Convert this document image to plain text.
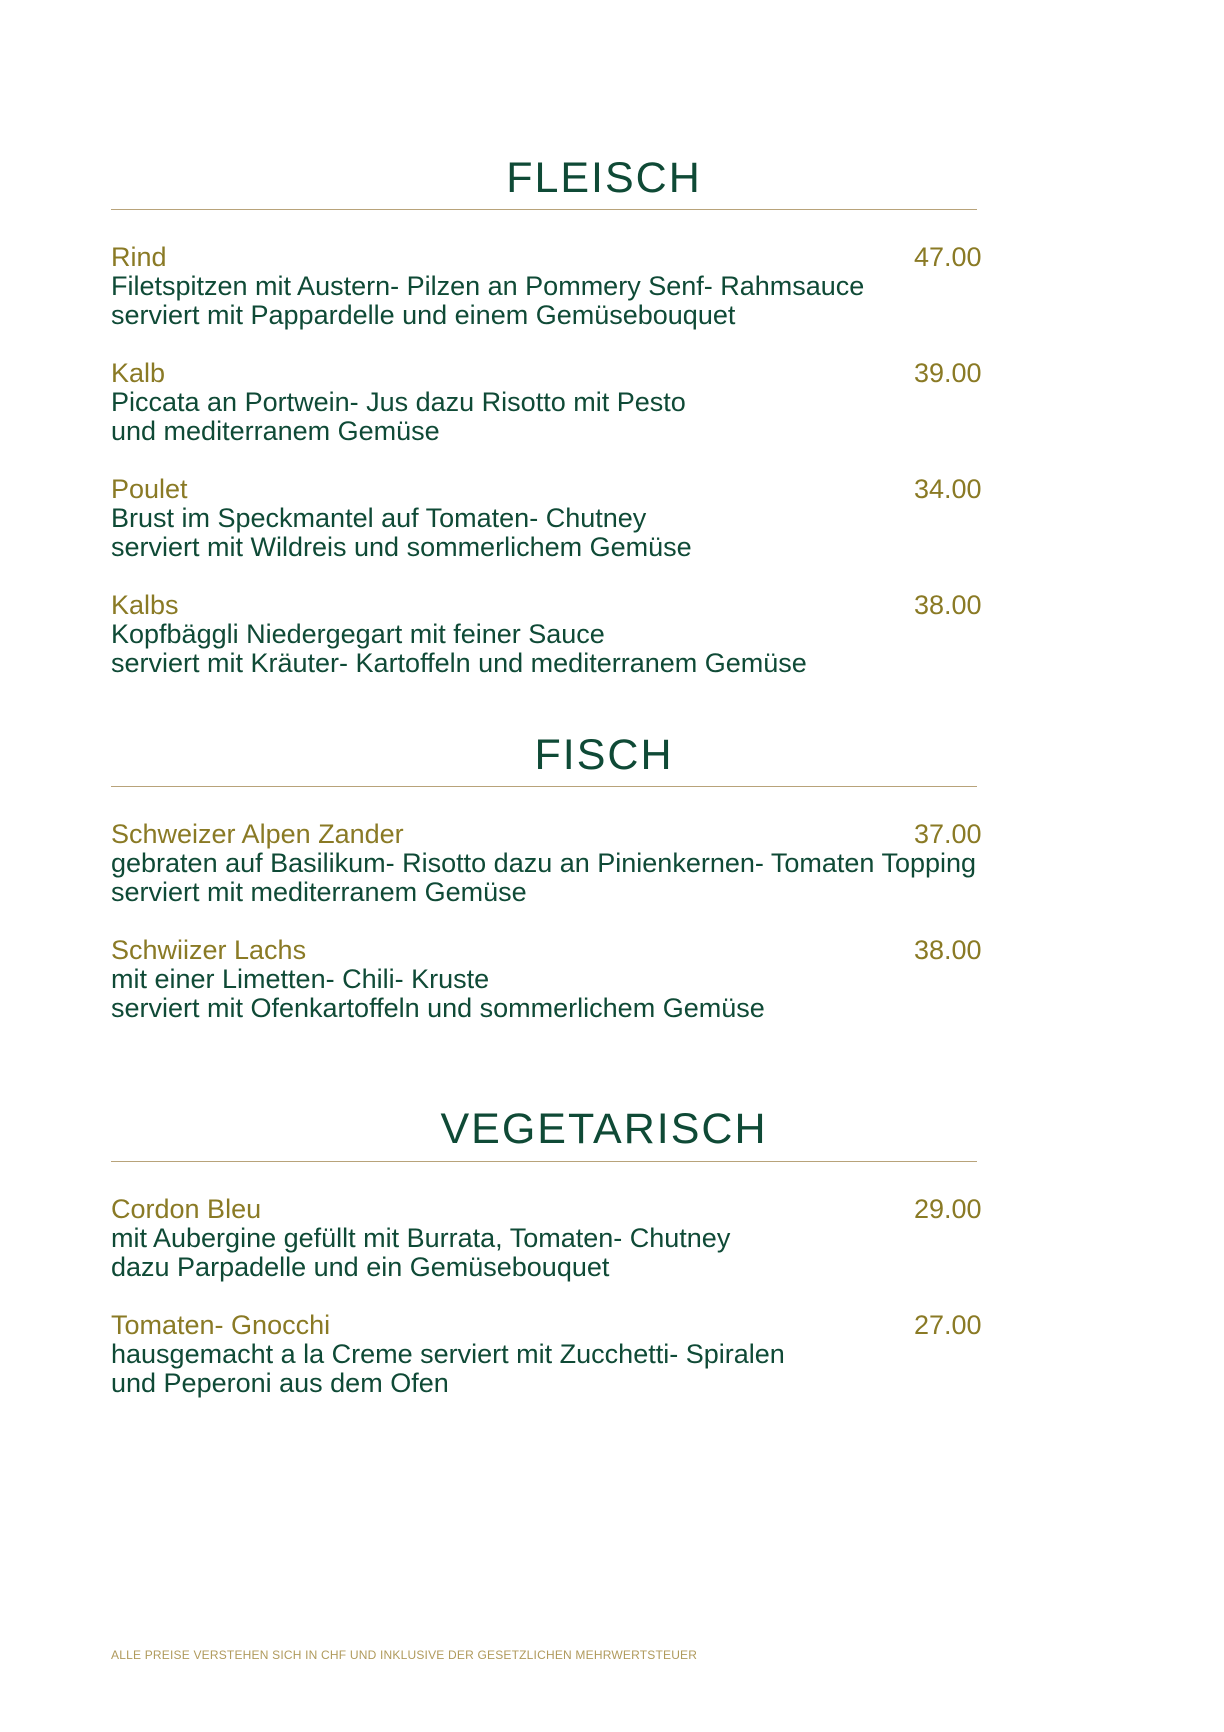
FLEISCH
Rind	47.00
Filetspitzen mit Austern- Pilzen an Pommery Senf- Rahmsauce
serviert mit Pappardelle und einem Gemüsebouquet
Kalb	39.00
Piccata an Portwein- Jus dazu Risotto mit Pesto
und mediterranem Gemüse
Poulet	34.00
Brust im Speckmantel auf Tomaten- Chutney
serviert mit Wildreis und sommerlichem Gemüse
Kalbs	38.00
Kopfbäggli Niedergegart mit feiner Sauce
serviert mit Kräuter- Kartoffeln und mediterranem Gemüse
FISCH
Schweizer Alpen Zander	37.00
gebraten auf Basilikum- Risotto dazu an Pinienkernen- Tomaten Topping
serviert mit mediterranem Gemüse
Schwiizer Lachs	38.00
mit einer Limetten- Chili- Kruste
serviert mit Ofenkartoffeln und sommerlichem Gemüse
VEGETARISCH
Cordon Bleu	29.00
mit Aubergine gefüllt mit Burrata, Tomaten- Chutney
dazu Parpadelle und ein Gemüsebouquet
Tomaten- Gnocchi	27.00
hausgemacht a la Creme serviert mit Zucchetti- Spiralen
und Peperoni aus dem Ofen
ALLE PREISE VERSTEHEN SICH IN CHF UND INKLUSIVE DER GESETZLICHEN MEHRWERTSTEUER
